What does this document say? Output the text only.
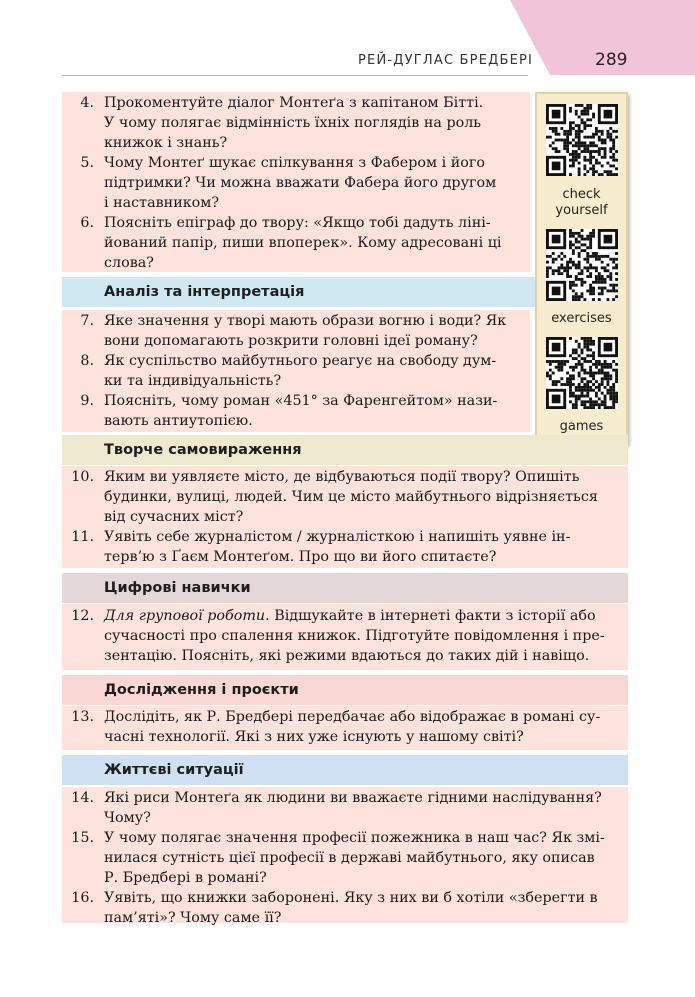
РЕЙ-ДУГЛАС БРЕДБЕРІ	289
4. Прокоментуйте діалог Монтеґа з капітаном Бітті.
У чому полягає відмінність їхніх поглядів на роль
книжок і знань?
5. Чому Монтеґ шукає спілкування з Фабером і його
підтримки? Чи можна вважати Фабера його другом
і наставником?
6. Поясніть епіграф до твору: «Якщо тобі дадуть лінi-
йований папір, пиши впоперек». Кому адресовані ці
слова?
Аналіз та інтерпретація
7. Яке значення у творі мають образи вогню і води? Як
вони допомагають розкрити головні ідеї роману?
8. Як суспільство майбутнього реагує на свободу дум-
ки та індивідуальність?
9. Поясніть, чому роман «451° за Фаренгейтом» нази-
вають антиутопією.
check
yourself
exercises
games
Творче самовираження
10. Яким ви уявляєте місто, де відбуваються події твору? Опишіть
будинки, вулиці, людей. Чим це місто майбутнього відрізняється
від сучасних міст?
11. Уявіть себе журналістом / журналісткою і напишіть уявне ін-
терв’ю з Ґаєм Монтеґом. Про що ви його спитаєте?
Цифрові навички
12. Для групової роботи. Відшукайте в інтернеті факти з історії або
сучасності про спалення книжок. Підготуйте повідомлення і пре-
зентацію. Поясніть, які режими вдаються до таких дій і навіщо.
Дослідження і проєкти
13. Дослідіть, як Р. Бредбері передбачає або відображає в романі су-
часні технології. Які з них уже існують у нашому світі?
Життєві ситуації
14. Які риси Монтеґа як людини ви вважаєте гідними наслідування?
Чому?
15. У чому полягає значення професії пожежника в наш час? Як змі-
нилася сутність цієї професії в державі майбутнього, яку описав
Р. Бредбері в романі?
16. Уявіть, що книжки заборонені. Яку з них ви б хотіли «зберегти в
пам’яті»? Чому саме її?
